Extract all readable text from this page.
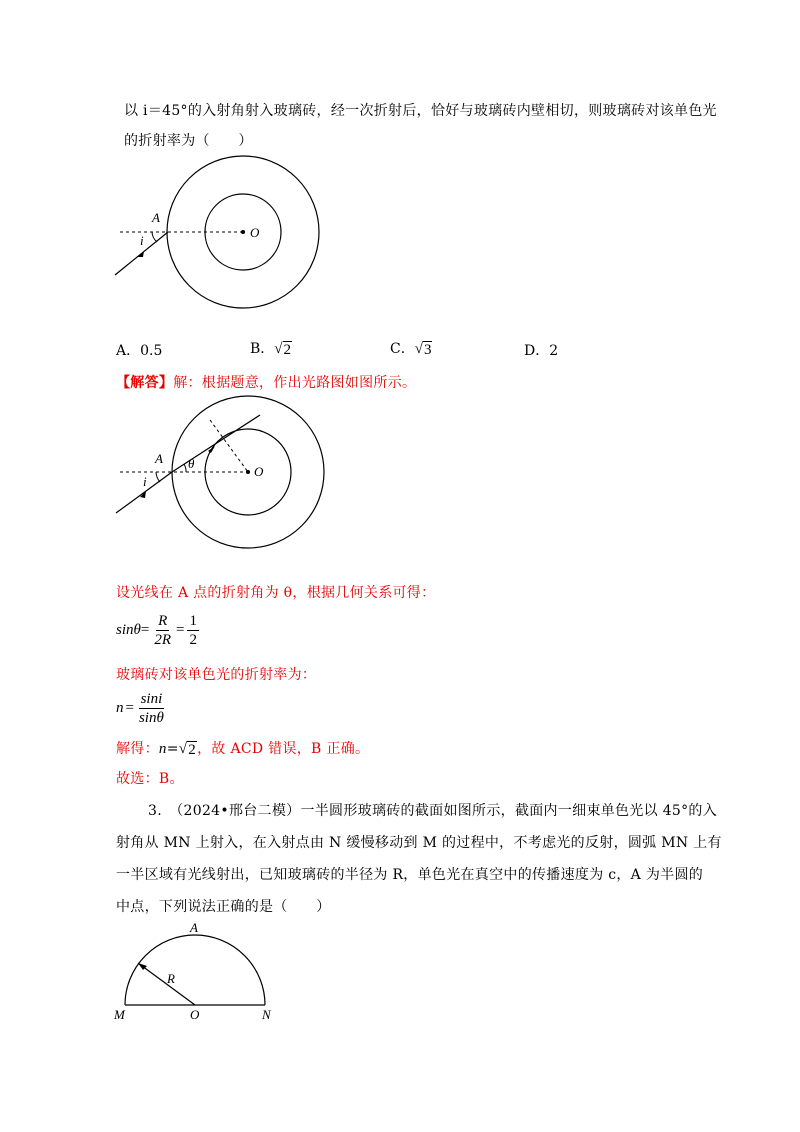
以 i＝45°的入射角射入玻璃砖，经一次折射后，恰好与玻璃砖内壁相切，则玻璃砖对该单色光
的折射率为（　　）
A
i
O
A．0.5	B． √ 2	C． √ 3	D．2
【解答】解：根据题意，作出光路图如图所示。
A
i
θ
O
设光线在 A 点的折射角为 θ，根据几何关系可得：
$\sin\theta = \frac{R}{2R} = \frac{1}{2}$
玻璃砖对该单色光的折射率为：
$n = \frac{\sin i}{\sin\theta}$
解得：n= √ 2 ，故 ACD 错误，B 正确。
故选：B。
3.　（2024•邢台二模）一半圆形玻璃砖的截面如图所示，截面内一细束单色光以 45°的入
射角从 MN 上射入，在入射点由 N 缓慢移动到 M 的过程中，不考虑光的反射，圆弧 MN 上有
一半区域有光线射出，已知玻璃砖的半径为 R，单色光在真空中的传播速度为 c，A 为半圆的
中点，下列说法正确的是（　　）
A
R
M	O	N
